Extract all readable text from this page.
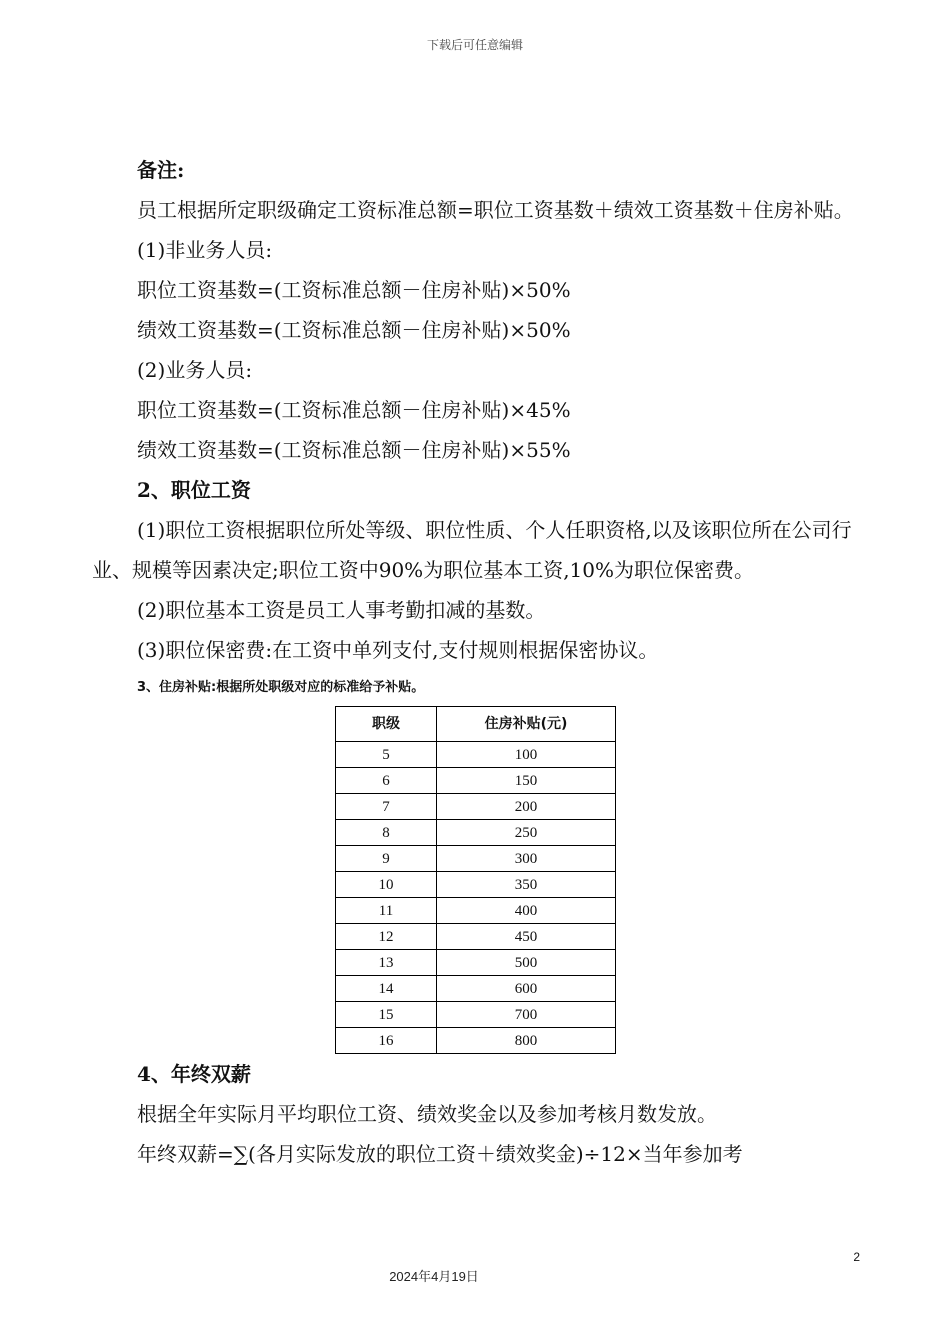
下载后可任意编辑

备注:

员工根据所定职级确定工资标准总额=职位工资基数＋绩效工资基数＋住房补贴。

(1)非业务人员:

职位工资基数=(工资标准总额－住房补贴)×50%

绩效工资基数=(工资标准总额－住房补贴)×50%

(2)业务人员:

职位工资基数=(工资标准总额－住房补贴)×45%

绩效工资基数=(工资标准总额－住房补贴)×55%

2、职位工资

(1)职位工资根据职位所处等级、职位性质、个人任职资格,以及该职位所在公司行业、规模等因素决定;职位工资中90%为职位基本工资,10%为职位保密费。

(2)职位基本工资是员工人事考勤扣减的基数。

(3)职位保密费:在工资中单列支付,支付规则根据保密协议。

3、住房补贴:根据所处职级对应的标准给予补贴。

职级	住房补贴(元)
5	100
6	150
7	200
8	250
9	300
10	350
11	400
12	450
13	500
14	600
15	700
16	800

4、年终双薪

根据全年实际月平均职位工资、绩效奖金以及参加考核月数发放。

年终双薪=∑(各月实际发放的职位工资＋绩效奖金)÷12×当年参加考

2
2024年4月19日
